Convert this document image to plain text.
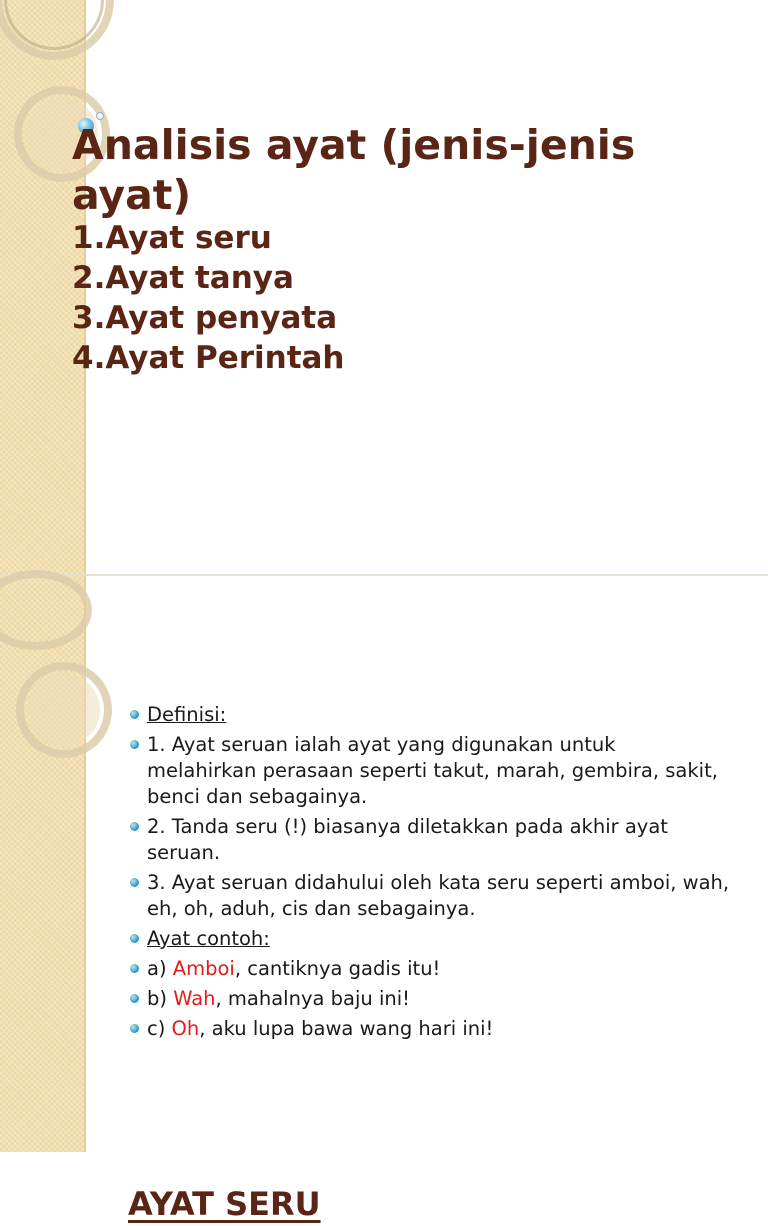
Analisis ayat (jenis-jenis ayat)
1.Ayat seru
2.Ayat tanya
3.Ayat penyata
4.Ayat Perintah
AYAT SERU
Definisi:
1. Ayat seruan ialah ayat yang digunakan untuk melahirkan perasaan seperti takut, marah, gembira, sakit, benci dan sebagainya.
2. Tanda seru (!) biasanya diletakkan pada akhir ayat seruan.
3. Ayat seruan didahului oleh kata seru seperti amboi, wah, eh, oh, aduh, cis dan sebagainya.
Ayat contoh:
a) Amboi, cantiknya gadis itu!
b) Wah, mahalnya baju ini!
c) Oh, aku lupa bawa wang hari ini!
